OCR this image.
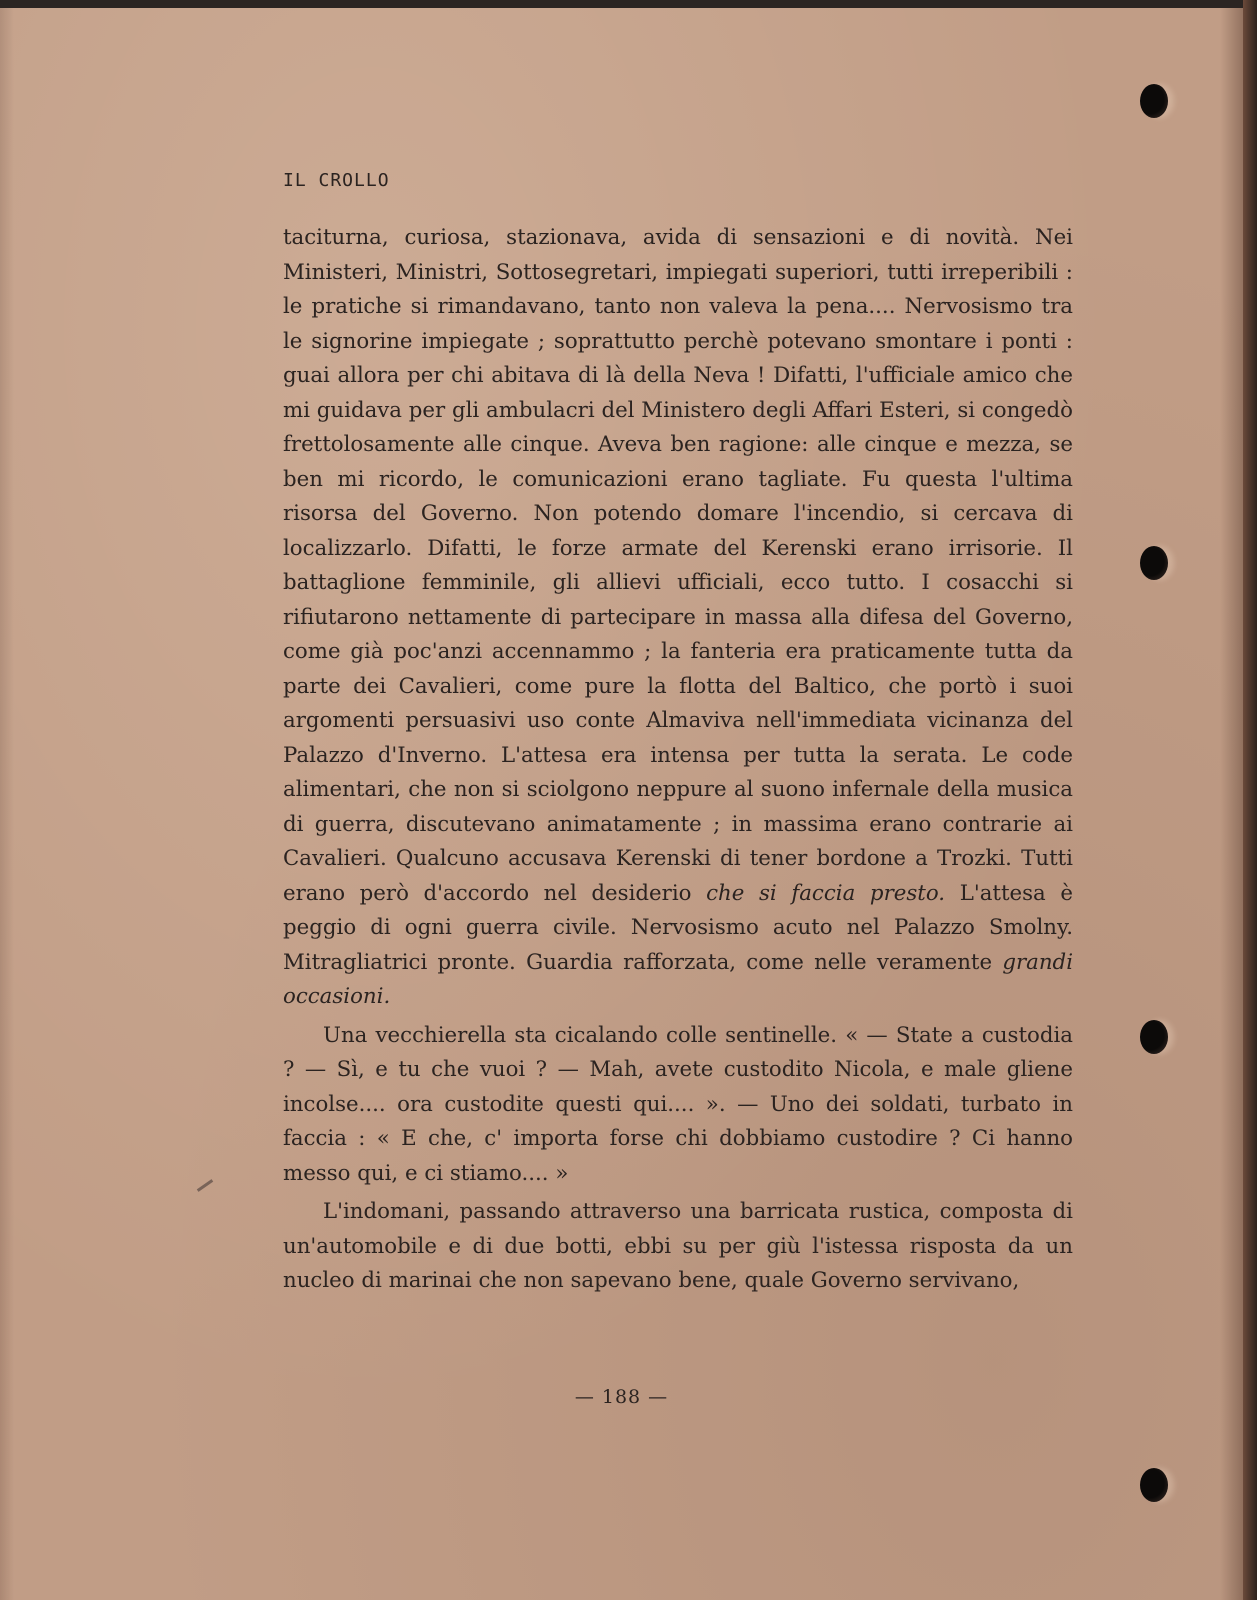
IL CROLLO

taciturna, curiosa, stazionava, avida di sensazioni e di novità. Nei Ministeri, Ministri, Sottosegretari, impiegati superiori, tutti irreperibili : le pratiche si rimandavano, tanto non valeva la pena.... Nervosismo tra le signorine impiegate ; soprattutto perchè potevano smontare i ponti : guai allora per chi abitava di là della Neva ! Difatti, l'ufficiale amico che mi guidava per gli ambulacri del Ministero degli Affari Esteri, si congedò frettolosamente alle cinque. Aveva ben ragione: alle cinque e mezza, se ben mi ricordo, le comunicazioni erano tagliate. Fu questa l'ultima risorsa del Governo. Non potendo domare l'incendio, si cercava di localizzarlo. Difatti, le forze armate del Kerenski erano irrisorie. Il battaglione femminile, gli allievi ufficiali, ecco tutto. I cosacchi si rifiutarono nettamente di partecipare in massa alla difesa del Governo, come già poc'anzi accennammo ; la fanteria era praticamente tutta da parte dei Cavalieri, come pure la flotta del Baltico, che portò i suoi argomenti persuasivi uso conte Almaviva nell'immediata vicinanza del Palazzo d'Inverno. L'attesa era intensa per tutta la serata. Le code alimentari, che non si sciolgono neppure al suono infernale della musica di guerra, discutevano animatamente ; in massima erano contrarie ai Cavalieri. Qualcuno accusava Kerenski di tener bordone a Trozki. Tutti erano però d'accordo nel desiderio che si faccia presto. L'attesa è peggio di ogni guerra civile. Nervosismo acuto nel Palazzo Smolny. Mitragliatrici pronte. Guardia rafforzata, come nelle veramente grandi occasioni.

Una vecchierella sta cicalando colle sentinelle. « — State a custodia ? — Sì, e tu che vuoi ? — Mah, avete custodito Nicola, e male gliene incolse.... ora custodite questi qui.... ». — Uno dei soldati, turbato in faccia : « E che, c' importa forse chi dobbiamo custodire ? Ci hanno messo qui, e ci stiamo.... »

L'indomani, passando attraverso una barricata rustica, composta di un'automobile e di due botti, ebbi su per giù l'istessa risposta da un nucleo di marinai che non sapevano bene, quale Governo servivano,

— 188 —
